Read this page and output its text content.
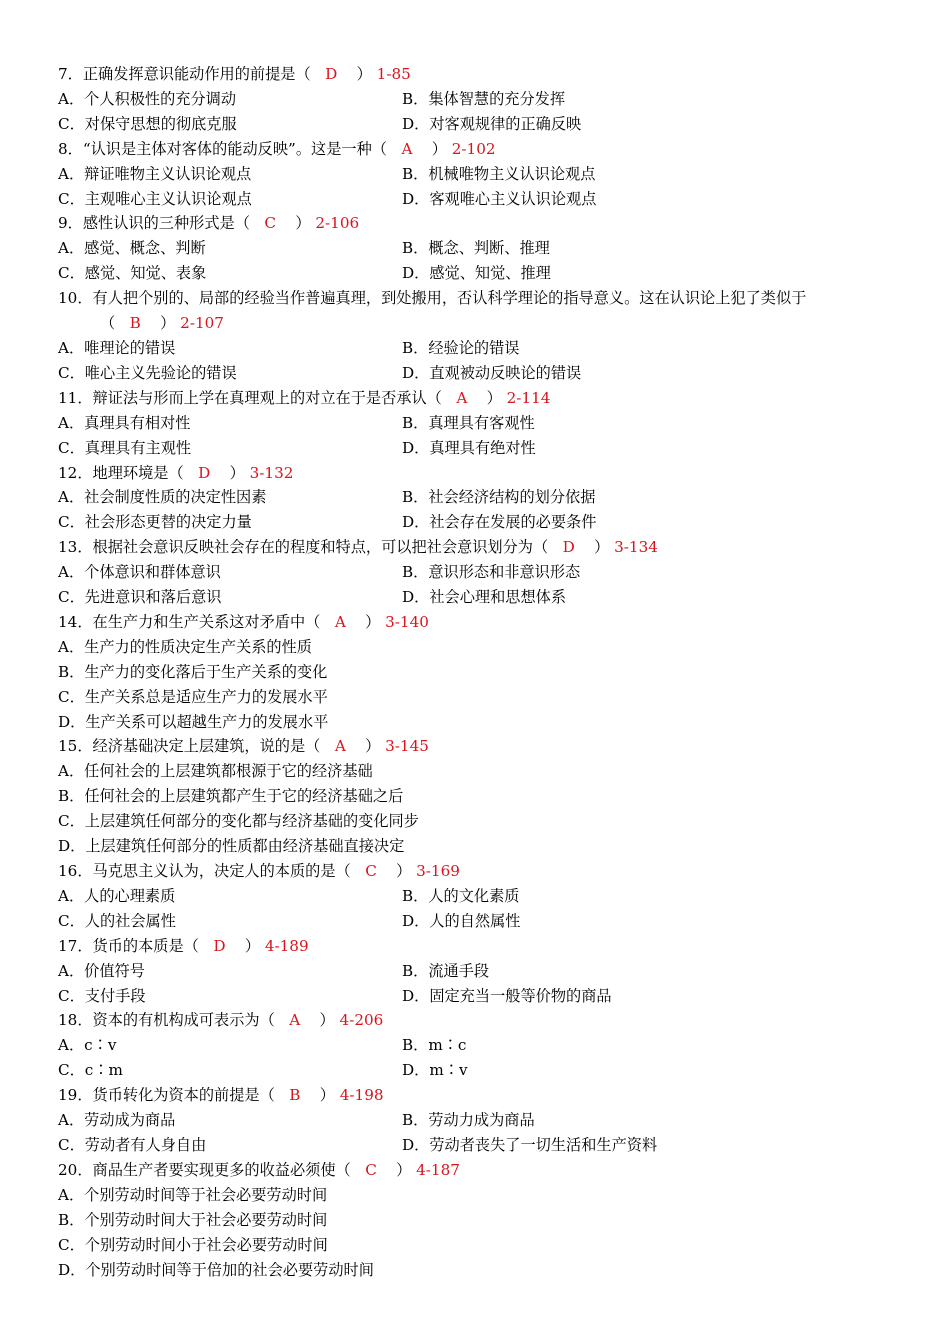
7．正确发挥意识能动作用的前提是（ D ） 1-85
A．个人积极性的充分调动	B．集体智慧的充分发挥
C．对保守思想的彻底克服	D．对客观规律的正确反映
8．“认识是主体对客体的能动反映”。这是一种（ A ） 2-102
A．辩证唯物主义认识论观点	B．机械唯物主义认识论观点
C．主观唯心主义认识论观点	D．客观唯心主义认识论观点
9．感性认识的三种形式是（ C ） 2-106
A．感觉、概念、判断	B．概念、判断、推理
C．感觉、知觉、表象	D．感觉、知觉、推理
10．有人把个别的、局部的经验当作普遍真理，到处搬用，否认科学理论的指导意义。这在认识论上犯了类似于
（ B ） 2-107
A．唯理论的错误	B．经验论的错误
C．唯心主义先验论的错误	D．直观被动反映论的错误
11．辩证法与形而上学在真理观上的对立在于是否承认（ A ） 2-114
A．真理具有相对性	B．真理具有客观性
C．真理具有主观性	D．真理具有绝对性
12．地理环境是（ D ） 3-132
A．社会制度性质的决定性因素	B．社会经济结构的划分依据
C．社会形态更替的决定力量	D．社会存在发展的必要条件
13．根据社会意识反映社会存在的程度和特点，可以把社会意识划分为（ D ） 3-134
A．个体意识和群体意识	B．意识形态和非意识形态
C．先进意识和落后意识	D．社会心理和思想体系
14．在生产力和生产关系这对矛盾中（ A ） 3-140
A．生产力的性质决定生产关系的性质
B．生产力的变化落后于生产关系的变化
C．生产关系总是适应生产力的发展水平
D．生产关系可以超越生产力的发展水平
15．经济基础决定上层建筑，说的是（ A ） 3-145
A．任何社会的上层建筑都根源于它的经济基础
B．任何社会的上层建筑都产生于它的经济基础之后
C．上层建筑任何部分的变化都与经济基础的变化同步
D．上层建筑任何部分的性质都由经济基础直接决定
16．马克思主义认为，决定人的本质的是（ C ） 3-169
A．人的心理素质	B．人的文化素质
C．人的社会属性	D．人的自然属性
17．货币的本质是（ D ） 4-189
A．价值符号	B．流通手段
C．支付手段	D．固定充当一般等价物的商品
18．资本的有机构成可表示为（ A ） 4-206
A．c∶v	B．m∶c
C．c∶m	D．m∶v
19．货币转化为资本的前提是（ B ） 4-198
A．劳动成为商品	B．劳动力成为商品
C．劳动者有人身自由	D．劳动者丧失了一切生活和生产资料
20．商品生产者要实现更多的收益必须使（ C ） 4-187
A．个别劳动时间等于社会必要劳动时间
B．个别劳动时间大于社会必要劳动时间
C．个别劳动时间小于社会必要劳动时间
D．个别劳动时间等于倍加的社会必要劳动时间
